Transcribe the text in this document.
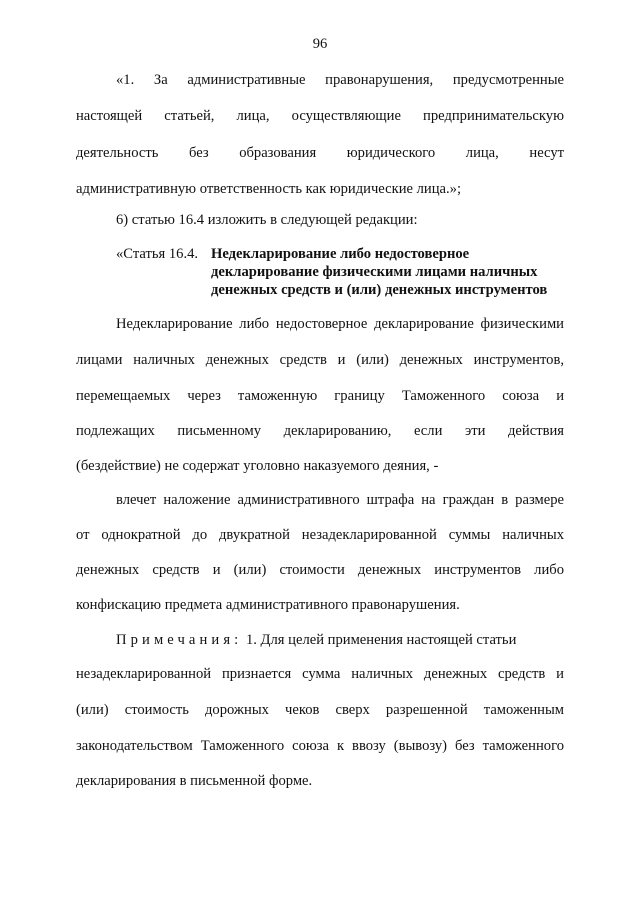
96
«1. За административные правонарушения, предусмотренные
настоящей статьей, лица, осуществляющие предпринимательскую
деятельность без образования юридического лица, несут
административную ответственность как юридические лица.»;
6) статью 16.4 изложить в следующей редакции:
«Статья 16.4. Недекларирование либо недостоверное
декларирование физическими лицами наличных
денежных средств и (или) денежных инструментов
Недекларирование либо недостоверное декларирование физическими
лицами наличных денежных средств и (или) денежных инструментов,
перемещаемых через таможенную границу Таможенного союза и
подлежащих письменному декларированию, если эти действия
(бездействие) не содержат уголовно наказуемого деяния, -
влечет наложение административного штрафа на граждан в размере
от однократной до двукратной незадекларированной суммы наличных
денежных средств и (или) стоимости денежных инструментов либо
конфискацию предмета административного правонарушения.
Примечания: 1. Для целей применения настоящей статьи
незадекларированной признается сумма наличных денежных средств и
(или) стоимость дорожных чеков сверх разрешенной таможенным
законодательством Таможенного союза к ввозу (вывозу) без таможенного
декларирования в письменной форме.
